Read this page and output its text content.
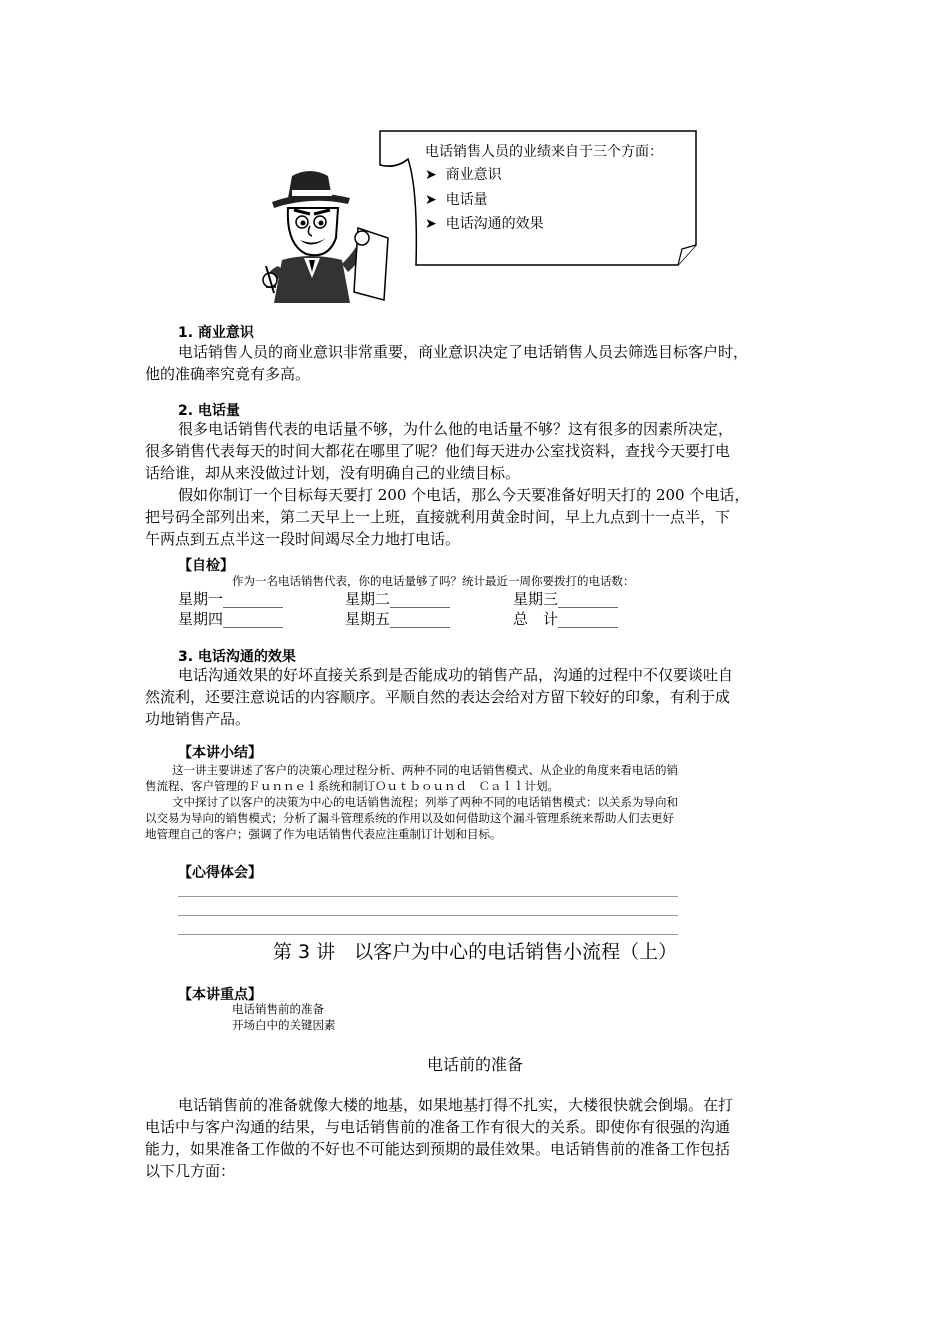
电话销售人员的业绩来自于三个方面：
➤ 商业意识
➤ 电话量
➤ 电话沟通的效果
1. 商业意识
电话销售人员的商业意识非常重要，商业意识决定了电话销售人员去筛选目标客户时，
他的准确率究竟有多高。
2. 电话量
很多电话销售代表的电话量不够，为什么他的电话量不够？这有很多的因素所决定，
很多销售代表每天的时间大都花在哪里了呢？他们每天进办公室找资料，查找今天要打电
话给谁，却从来没做过计划，没有明确自己的业绩目标。
假如你制订一个目标每天要打 200 个电话，那么今天要准备好明天打的 200 个电话，
把号码全部列出来，第二天早上一上班，直接就利用黄金时间，早上九点到十一点半，下
午两点到五点半这一段时间竭尽全力地打电话。
【自检】
作为一名电话销售代表，你的电话量够了吗？统计最近一周你要拨打的电话数：
星期一________	星期二________	星期三________
星期四________	星期五________	总　计________
3. 电话沟通的效果
电话沟通效果的好坏直接关系到是否能成功的销售产品，沟通的过程中不仅要谈吐自
然流利，还要注意说话的内容顺序。平顺自然的表达会给对方留下较好的印象，有利于成
功地销售产品。
【本讲小结】
这一讲主要讲述了客户的决策心理过程分析、两种不同的电话销售模式、从企业的角度来看电话的销
售流程、客户管理的Ｆｕｎｎｅｌ系统和制订Ｏｕｔｂｏｕｎｄ　Ｃａｌｌ计划。
文中探讨了以客户的决策为中心的电话销售流程；列举了两种不同的电话销售模式：以关系为导向和
以交易为导向的销售模式；分析了漏斗管理系统的作用以及如何借助这个漏斗管理系统来帮助人们去更好
地管理自己的客户；强调了作为电话销售代表应注重制订计划和目标。
【心得体会】
第 3 讲　以客户为中心的电话销售小流程（上）
【本讲重点】
电话销售前的准备
开场白中的关键因素
电话前的准备
电话销售前的准备就像大楼的地基，如果地基打得不扎实，大楼很快就会倒塌。在打
电话中与客户沟通的结果，与电话销售前的准备工作有很大的关系。即使你有很强的沟通
能力，如果准备工作做的不好也不可能达到预期的最佳效果。电话销售前的准备工作包括
以下几方面：
